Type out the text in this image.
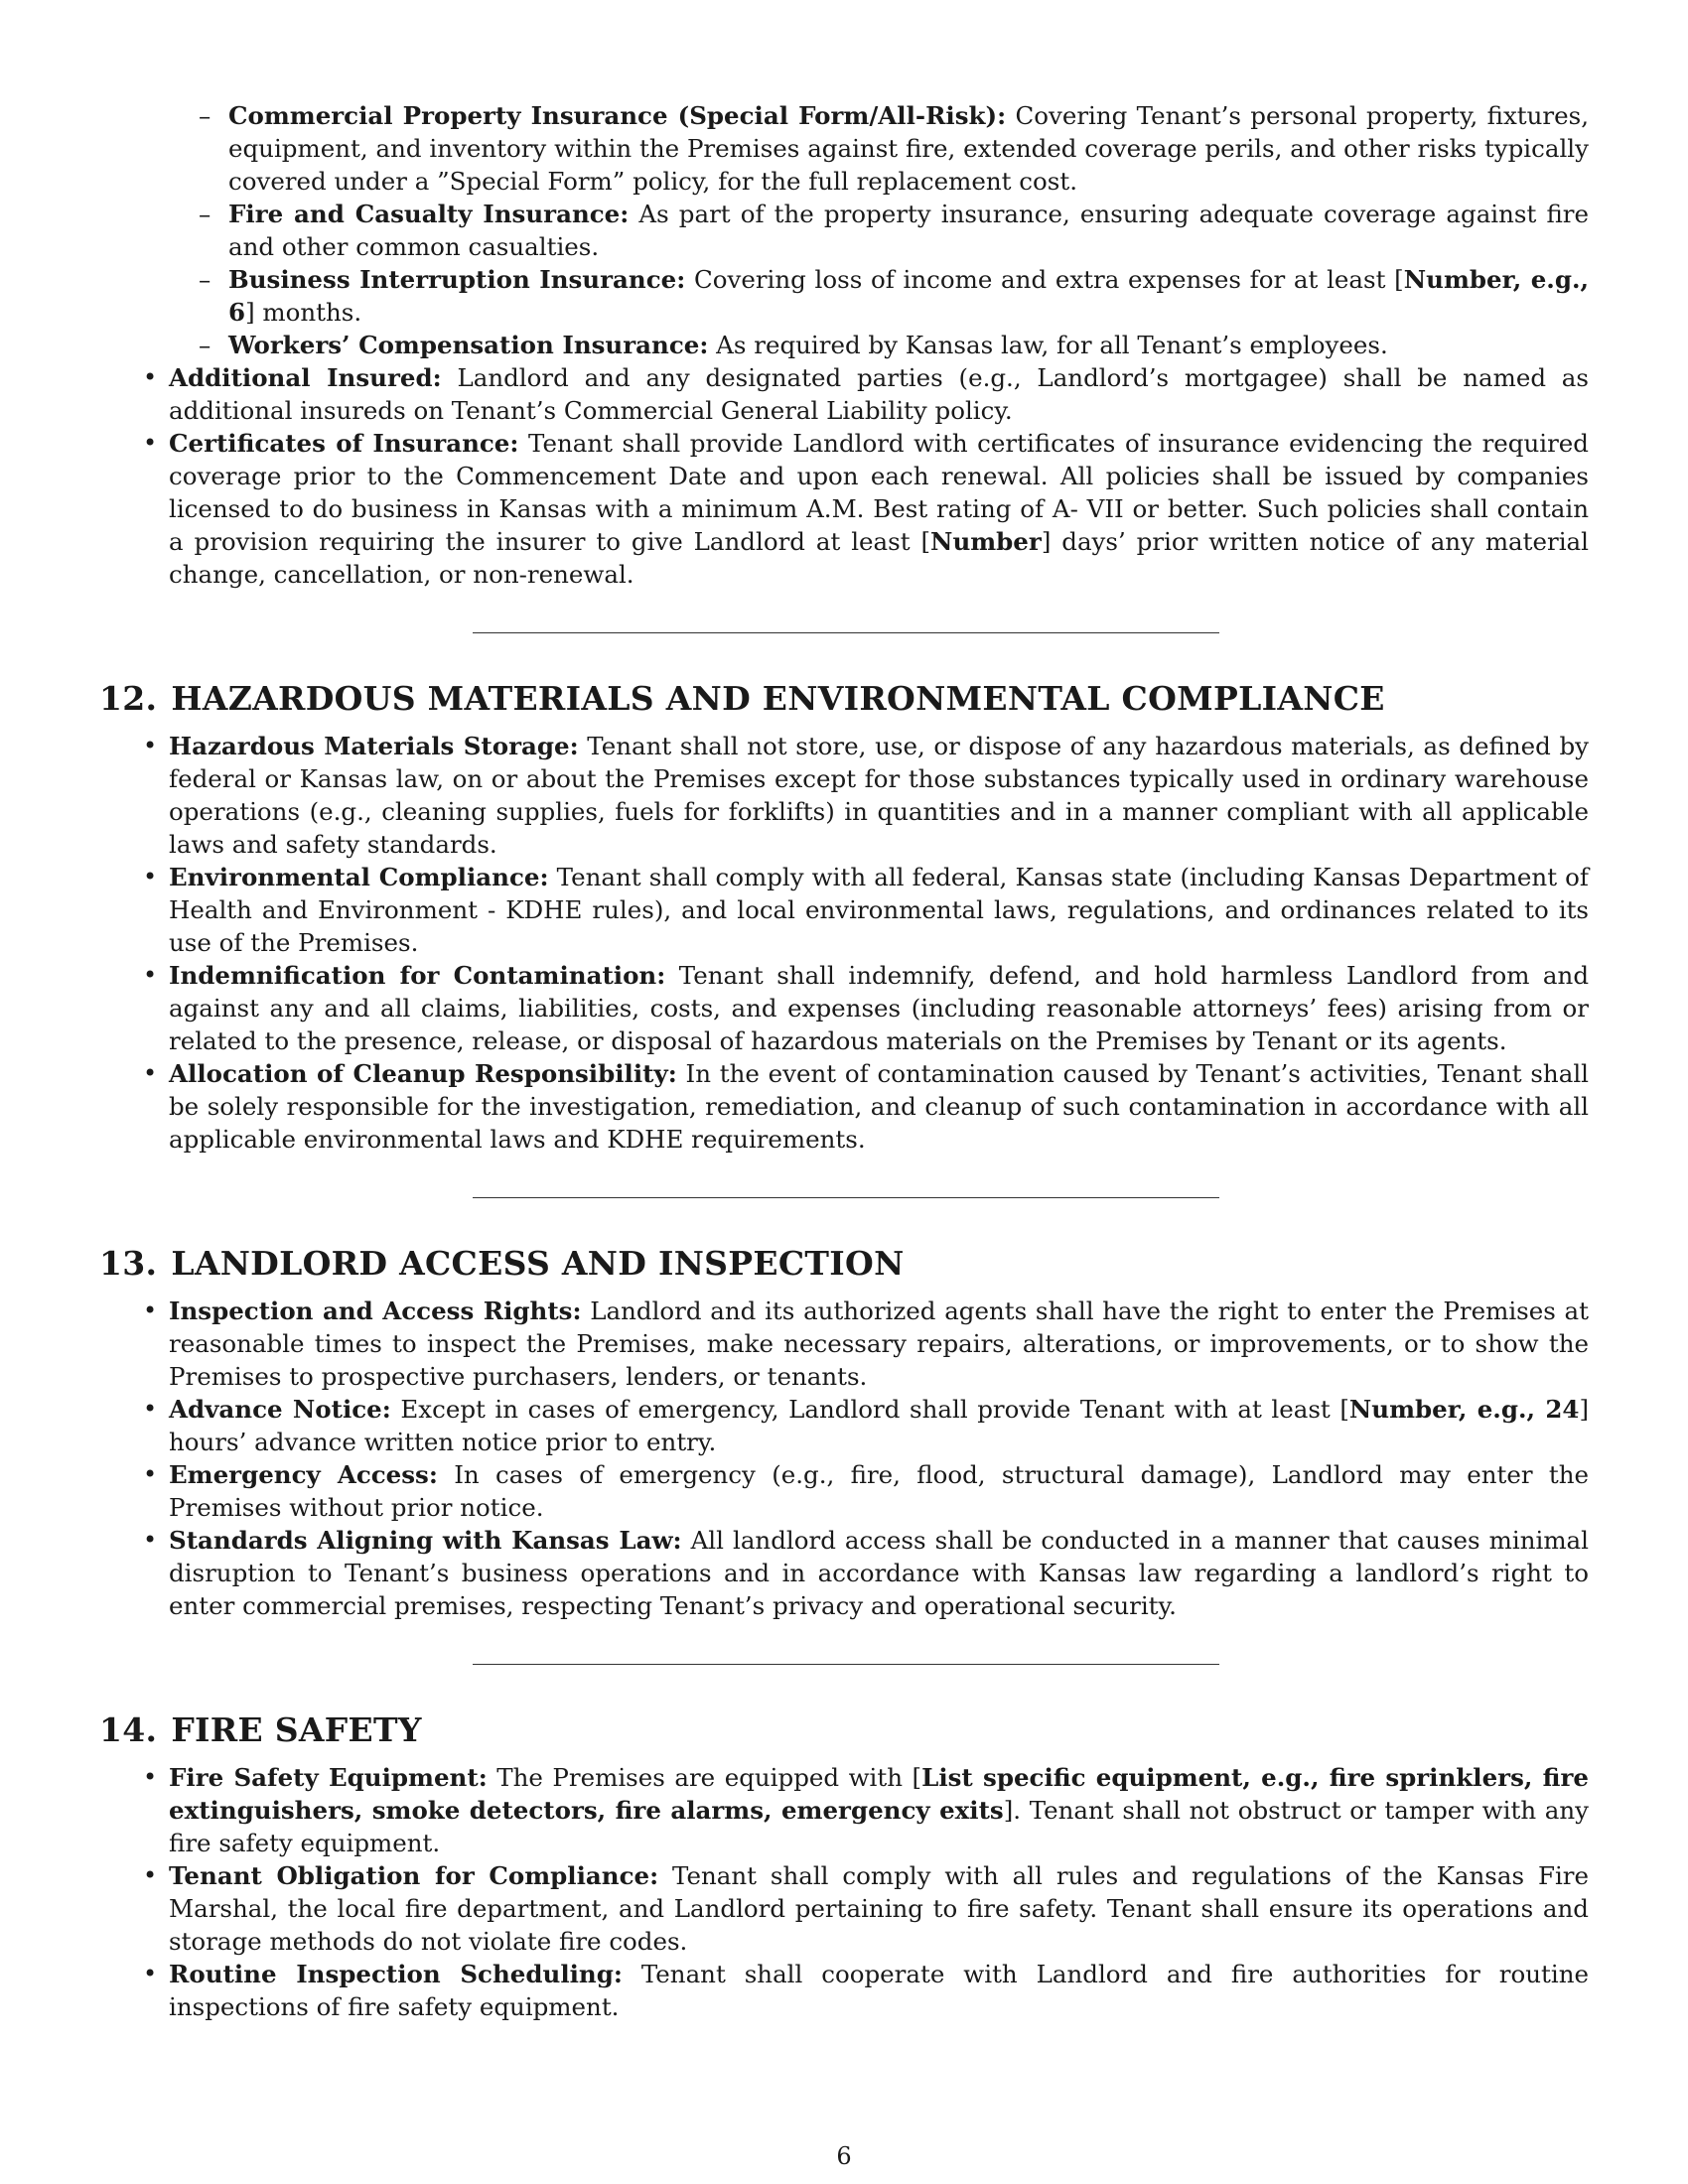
– Commercial Property Insurance (Special Form/All-Risk): Covering Tenant’s personal property, fixtures, equipment, and inventory within the Premises against fire, extended coverage perils, and other risks typically covered under a ”Special Form” policy, for the full replacement cost.
– Fire and Casualty Insurance: As part of the property insurance, ensuring adequate coverage against fire and other common casualties.
– Business Interruption Insurance: Covering loss of income and extra expenses for at least [Number, e.g., 6] months.
– Workers’ Compensation Insurance: As required by Kansas law, for all Tenant’s employees.
• Additional Insured: Landlord and any designated parties (e.g., Landlord’s mortgagee) shall be named as additional insureds on Tenant’s Commercial General Liability policy.
• Certificates of Insurance: Tenant shall provide Landlord with certificates of insurance evidencing the required coverage prior to the Commencement Date and upon each renewal. All policies shall be issued by companies licensed to do business in Kansas with a minimum A.M. Best rating of A- VII or better. Such policies shall contain a provision requiring the insurer to give Landlord at least [Number] days’ prior written notice of any material change, cancellation, or non-renewal.
12. HAZARDOUS MATERIALS AND ENVIRONMENTAL COMPLIANCE
• Hazardous Materials Storage: Tenant shall not store, use, or dispose of any hazardous materials, as defined by federal or Kansas law, on or about the Premises except for those substances typically used in ordinary warehouse operations (e.g., cleaning supplies, fuels for forklifts) in quantities and in a manner compliant with all applicable laws and safety standards.
• Environmental Compliance: Tenant shall comply with all federal, Kansas state (including Kansas Department of Health and Environment - KDHE rules), and local environmental laws, regulations, and ordinances related to its use of the Premises.
• Indemnification for Contamination: Tenant shall indemnify, defend, and hold harmless Landlord from and against any and all claims, liabilities, costs, and expenses (including reasonable attorneys’ fees) arising from or related to the presence, release, or disposal of hazardous materials on the Premises by Tenant or its agents.
• Allocation of Cleanup Responsibility: In the event of contamination caused by Tenant’s activities, Tenant shall be solely responsible for the investigation, remediation, and cleanup of such contamination in accordance with all applicable environmental laws and KDHE requirements.
13. LANDLORD ACCESS AND INSPECTION
• Inspection and Access Rights: Landlord and its authorized agents shall have the right to enter the Premises at reasonable times to inspect the Premises, make necessary repairs, alterations, or improvements, or to show the Premises to prospective purchasers, lenders, or tenants.
• Advance Notice: Except in cases of emergency, Landlord shall provide Tenant with at least [Number, e.g., 24] hours’ advance written notice prior to entry.
• Emergency Access: In cases of emergency (e.g., fire, flood, structural damage), Landlord may enter the Premises without prior notice.
• Standards Aligning with Kansas Law: All landlord access shall be conducted in a manner that causes minimal disruption to Tenant’s business operations and in accordance with Kansas law regarding a landlord’s right to enter commercial premises, respecting Tenant’s privacy and operational security.
14. FIRE SAFETY
• Fire Safety Equipment: The Premises are equipped with [List specific equipment, e.g., fire sprinklers, fire extinguishers, smoke detectors, fire alarms, emergency exits]. Tenant shall not obstruct or tamper with any fire safety equipment.
• Tenant Obligation for Compliance: Tenant shall comply with all rules and regulations of the Kansas Fire Marshal, the local fire department, and Landlord pertaining to fire safety. Tenant shall ensure its operations and storage methods do not violate fire codes.
• Routine Inspection Scheduling: Tenant shall cooperate with Landlord and fire authorities for routine inspections of fire safety equipment.
6
